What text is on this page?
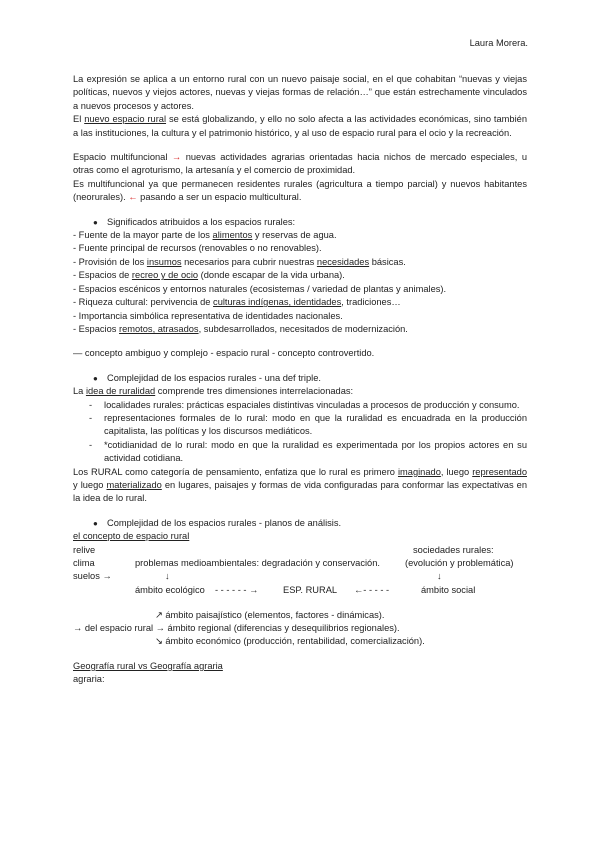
Laura Morera.

La expresión se aplica a un entorno rural con un nuevo paisaje social, en el que cohabitan “nuevas y viejas políticas, nuevos y viejos actores, nuevas y viejas formas de relación…” que están estrechamente vinculados a nuevos procesos y actores.

El nuevo espacio rural se está globalizando, y ello no solo afecta a las actividades económicas, sino también a las instituciones, la cultura y el patrimonio histórico, y al uso de espacio rural para el ocio y la recreación.

Espacio multifuncional → nuevas actividades agrarias orientadas hacia nichos de mercado especiales, u otras como el agroturismo, la artesanía y el comercio de proximidad.

Es multifuncional ya que permanecen residentes rurales (agricultura a tiempo parcial) y nuevos habitantes (neorurales). ← pasando a ser un espacio multicultural.

● Significados atribuidos a los espacios rurales:
- Fuente de la mayor parte de los alimentos y reservas de agua.
- Fuente principal de recursos (renovables o no renovables).
- Provisión de los insumos necesarios para cubrir nuestras necesidades básicas.
- Espacios de recreo y de ocio (donde escapar de la vida urbana).
- Espacios escénicos y entornos naturales (ecosistemas / variedad de plantas y animales).
- Riqueza cultural: pervivencia de culturas indígenas, identidades, tradiciones…
- Importancia simbólica representativa de identidades nacionales.
- Espacios remotos, atrasados, subdesarrollados, necesitados de modernización.

— concepto ambiguo y complejo - espacio rural - concepto controvertido.

● Complejidad de los espacios rurales - una def triple.

La idea de ruralidad comprende tres dimensiones interrelacionadas:

- localidades rurales: prácticas espaciales distintivas vinculadas a procesos de producción y consumo.
- representaciones formales de lo rural: modo en que la ruralidad es encuadrada en la producción capitalista, las políticas y los discursos mediáticos.
- *cotidianidad de lo rural: modo en que la ruralidad es experimentada por los propios actores en su actividad cotidiana.

Los RURAL como categoría de pensamiento, enfatiza que lo rural es primero imaginado, luego representado y luego materializado en lugares, paisajes y formas de vida configuradas para conformar las expectativas en la idea de lo rural.

● Complejidad de los espacios rurales - planos de análisis.
el concepto de espacio rural
relive	sociedades rurales:
clima	problemas medioambientales: degradación y conservación.	(evolución y problemática)
suelos →	↓	↓
ámbito ecológico - - - - - - →	ESP. RURAL ←- - - - -	ámbito social
↗ ámbito paisajístico (elementos, factores - dinámicas).
→ del espacio rural → ámbito regional (diferencias y desequilibrios regionales).
↘ ámbito económico (producción, rentabilidad, comercialización).
Geografía rural vs Geografía agraria
agraria:
